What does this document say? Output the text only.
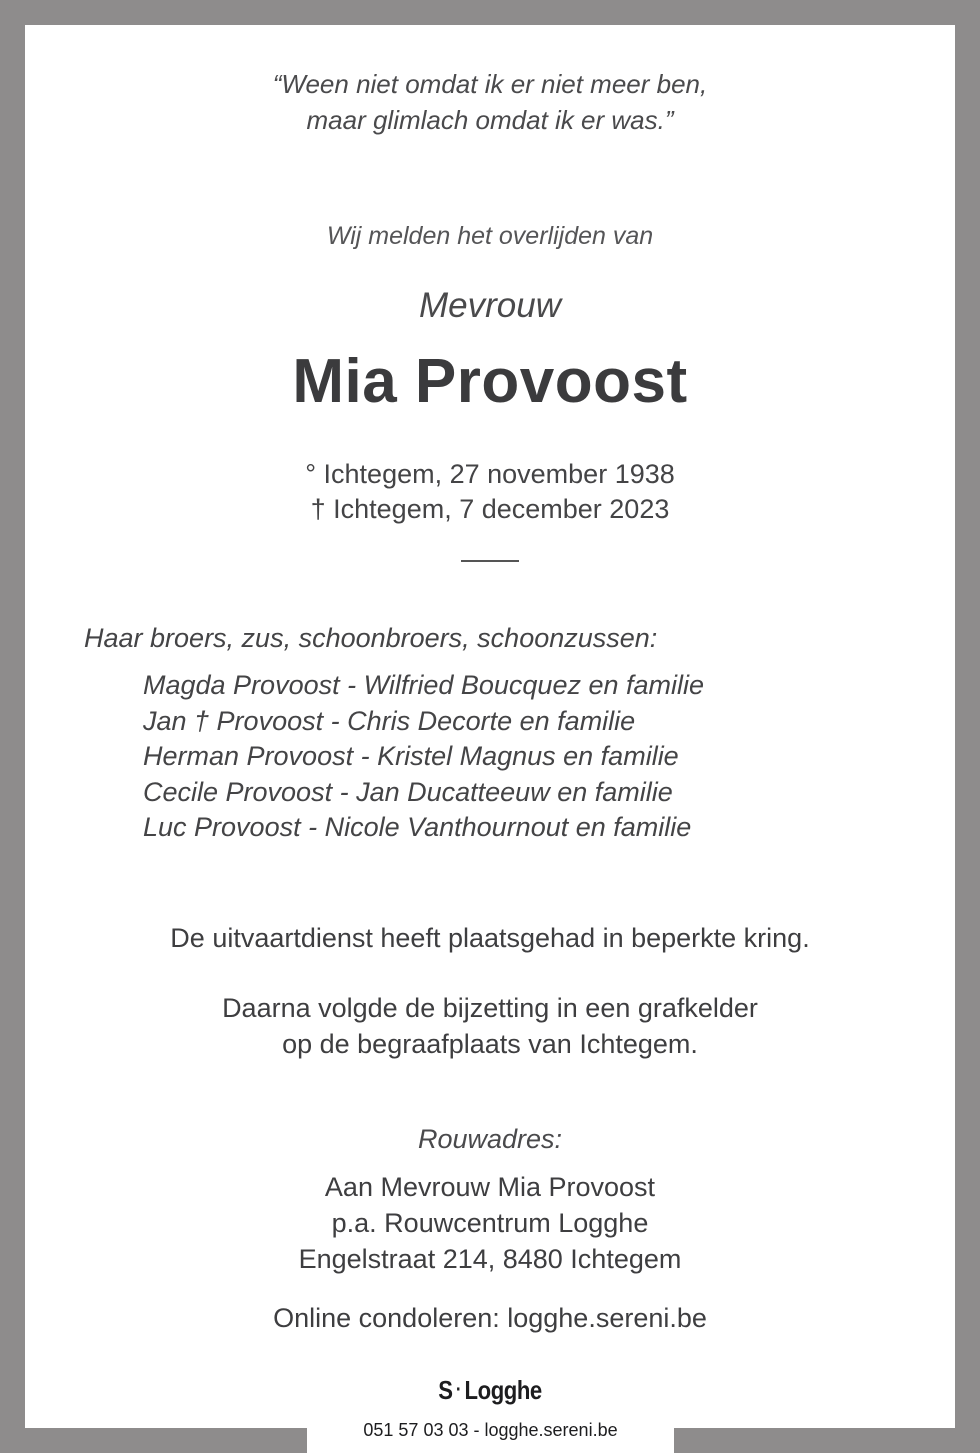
“Ween niet omdat ik er niet meer ben,
maar glimlach omdat ik er was.”
Wij melden het overlijden van
Mevrouw
Mia Provoost
° Ichtegem, 27 november 1938
† Ichtegem, 7 december 2023
Haar broers, zus, schoonbroers, schoonzussen:
Magda Provoost - Wilfried Boucquez en familie
Jan † Provoost - Chris Decorte en familie
Herman Provoost - Kristel Magnus en familie
Cecile Provoost - Jan Ducatteeuw en familie
Luc Provoost - Nicole Vanthournout en familie
De uitvaartdienst heeft plaatsgehad in beperkte kring.
Daarna volgde de bijzetting in een grafkelder
op de begraafplaats van Ichtegem.
Rouwadres:
Aan Mevrouw Mia Provoost
p.a. Rouwcentrum Logghe
Engelstraat 214, 8480 Ichtegem
Online condoleren: logghe.sereni.be
S · Logghe
051 57 03 03 - logghe.sereni.be
